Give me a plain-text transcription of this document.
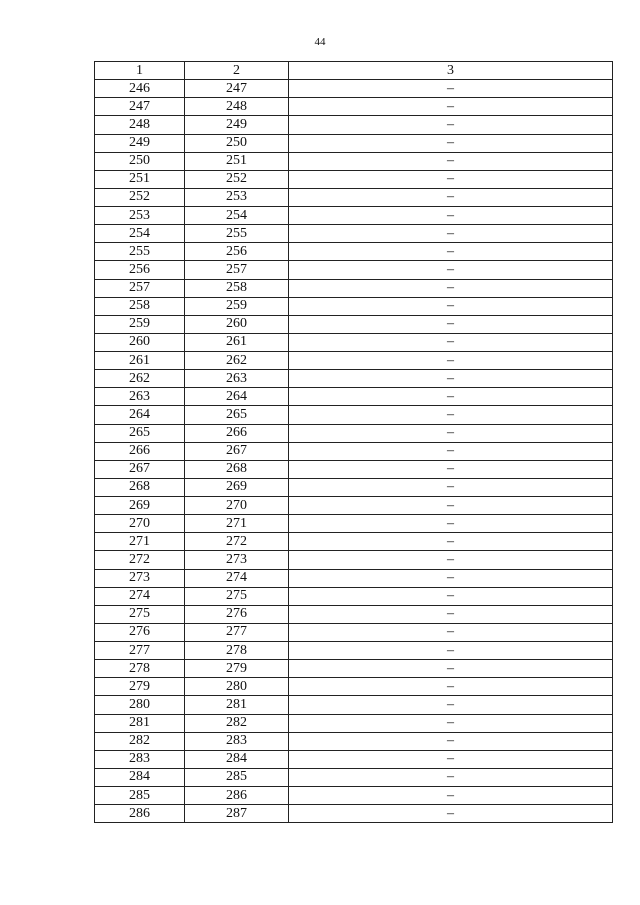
44
1	2	3
246	247	–
247	248	–
248	249	–
249	250	–
250	251	–
251	252	–
252	253	–
253	254	–
254	255	–
255	256	–
256	257	–
257	258	–
258	259	–
259	260	–
260	261	–
261	262	–
262	263	–
263	264	–
264	265	–
265	266	–
266	267	–
267	268	–
268	269	–
269	270	–
270	271	–
271	272	–
272	273	–
273	274	–
274	275	–
275	276	–
276	277	–
277	278	–
278	279	–
279	280	–
280	281	–
281	282	–
282	283	–
283	284	–
284	285	–
285	286	–
286	287	–
